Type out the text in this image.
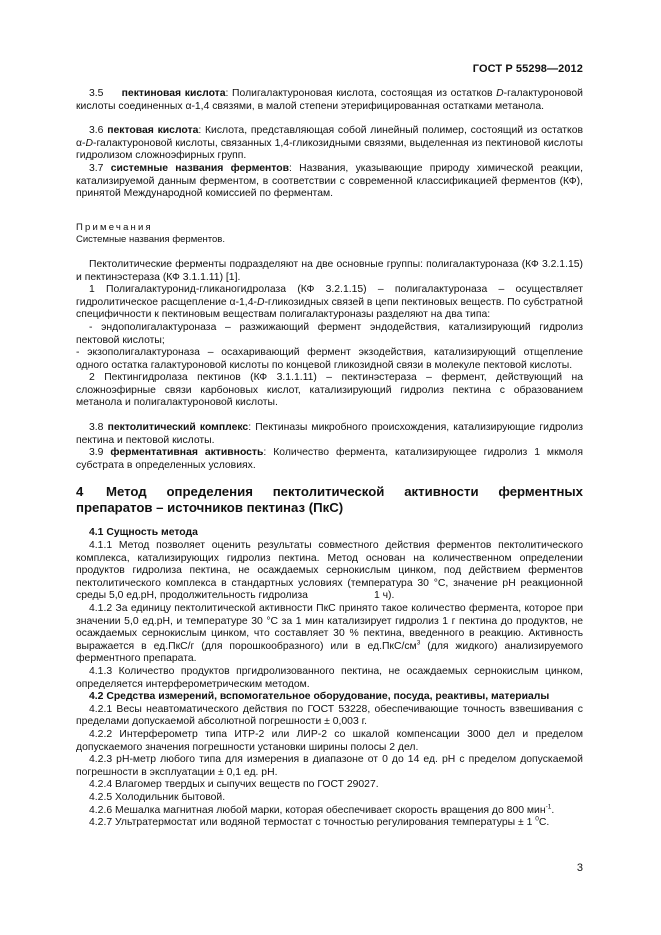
ГОСТ Р 55298—2012

3.5 пектиновая кислота: Полигалактуроновая кислота, состоящая из остатков D-галактуроновой кислоты соединенных α-1,4 связями, в малой степени этерифицированная остатками метанола.

3.6 пектовая кислота: Кислота, представляющая собой линейный полимер, состоящий из остатков α-D-галактуроновой кислоты, связанных 1,4-гликозидными связями, выделенная из пектиновой кислоты гидролизом сложноэфирных групп.

3.7 системные названия ферментов: Названия, указывающие природу химической реакции, катализируемой данным ферментом, в соответствии с современной классификацией ферментов (КФ), принятой Международной комиссией по ферментам.

Примечания

Системные названия ферментов.

Пектолитические ферменты подразделяют на две основные группы: полигалактуроназа (КФ 3.2.1.15) и пектинэстераза (КФ 3.1.1.11) [1].

1 Полигалактуронид-гликаногидролаза (КФ 3.2.1.15) – полигалактуроназа – осуществляет гидролитическое расщепление α-1,4-D-гликозидных связей в цепи пектиновых веществ. По субстратной специфичности к пектиновым веществам полигалактуроназы разделяют на два типа:

- эндополигалактуроназа – разжижающий фермент эндодействия, катализирующий гидролиз пектовой кислоты;

- экзополигалактуроназа – осахаривающий фермент экзодействия, катализирующий отщепление одного остатка галактуроновой кислоты по концевой гликозидной связи в молекуле пектовой кислоты.

2 Пектингидролаза пектинов (КФ 3.1.1.11) – пектинэстераза – фермент, действующий на сложноэфирные связи карбоновых кислот, катализирующий гидролиз пектина с образованием метанола и полигалактуроновой кислоты.

3.8 пектолитический комплекс: Пектиназы микробного происхождения, катализирующие гидролиз пектина и пектовой кислоты.

3.9 ферментативная активность: Количество фермента, катализирующее гидролиз 1 мкмоля субстрата в определенных условиях.

4 Метод определения пектолитической активности ферментных препаратов – источников пектиназ (ПкС)

4.1 Сущность метода

4.1.1 Метод позволяет оценить результаты совместного действия ферментов пектолитического комплекса, катализирующих гидролиз пектина. Метод основан на количественном определении продуктов гидролиза пектина, не осаждаемых сернокислым цинком, под действием ферментов пектолитического комплекса в стандартных условиях (температура 30 °С, значение рН реакционной среды 5,0 ед.рН, продолжительность гидролиза	1 ч).

4.1.2 За единицу пектолитической активности ПкС принято такое количество фермента, которое при значении 5,0 ед.рН, и температуре 30 °С за 1 мин катализирует гидролиз 1 г пектина до продуктов, не осаждаемых сернокислым цинком, что составляет 30 % пектина, введенного в реакцию. Активность выражается в ед.ПкС/г (для порошкообразного) или в $ед.ПкС/см^3$ (для жидкого) анализируемого ферментного препарата.

4.1.3 Количество продуктов пргидролизованного пектина, не осаждаемых сернокислым цинком, определяется интерферометрическим методом.

4.2 Средства измерений, вспомогательное оборудование, посуда, реактивы, материалы

4.2.1 Весы неавтоматического действия по ГОСТ 53228, обеспечивающие точность взвешивания с пределами допускаемой абсолютной погрешности ± 0,003 г.

4.2.2 Интерферометр типа ИТР-2 или ЛИР-2 со шкалой компенсации 3000 дел и пределом допускаемого значения погрешности установки ширины полосы 2 дел.

4.2.3 рН-метр любого типа для измерения в диапазоне от 0 до 14 ед. рН с пределом допускаемой погрешности в эксплуатации ± 0,1 ед. рН.

4.2.4 Влагомер твердых и сыпучих веществ по ГОСТ 29027.

4.2.5 Холодильник бытовой.

4.2.6 Мешалка магнитная любой марки, которая обеспечивает скорость вращения до 800 мин$^{-1}$.

4.2.7 Ультратермостат или водяной термостат с точностью регулирования температуры ± 1 $^0$С.

3
